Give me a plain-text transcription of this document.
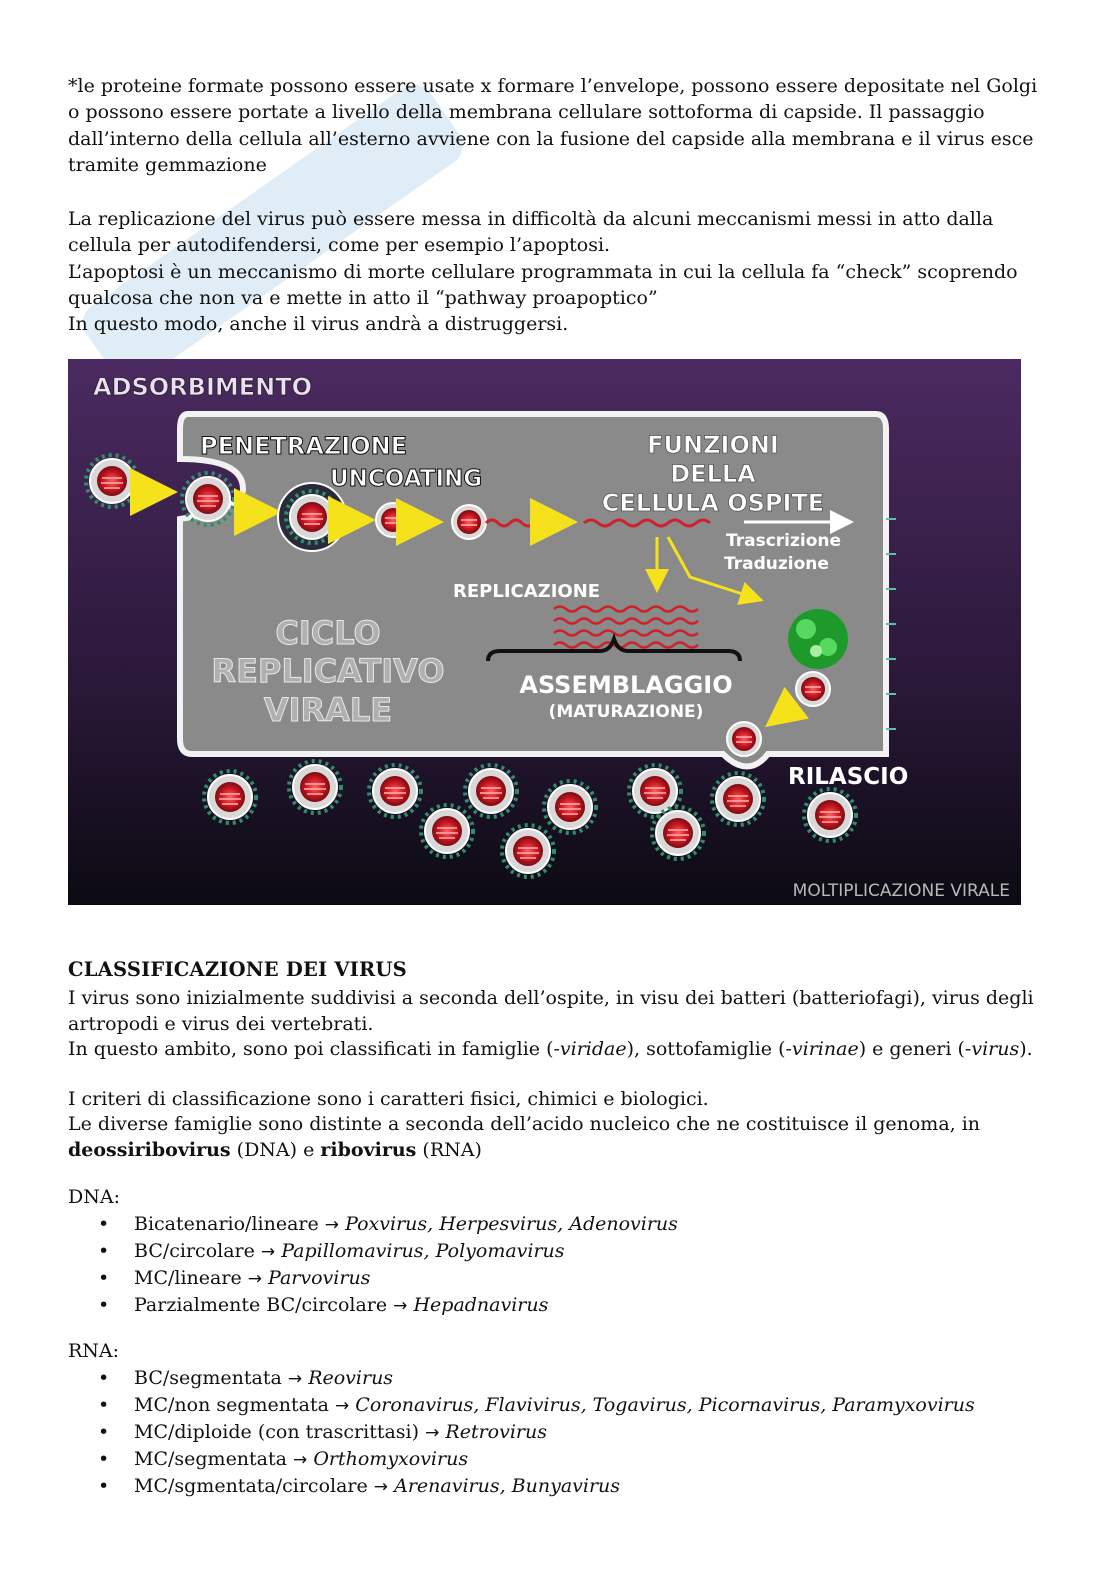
*le proteine formate possono essere usate x formare l’envelope, possono essere depositate nel Golgi o possono essere portate a livello della membrana cellulare sottoforma di capside. Il passaggio dall’interno della cellula all’esterno avviene con la fusione del capside alla membrana e il virus esce tramite gemmazione

La replicazione del virus può essere messa in difficoltà da alcuni meccanismi messi in atto dalla cellula per autodifendersi, come per esempio l’apoptosi.

L’apoptosi è un meccanismo di morte cellulare programmata in cui la cellula fa “check” scoprendo qualcosa che non va e mette in atto il “pathway proapoptico”

In questo modo, anche il virus andrà a distruggersi.

ADSORBIMENTO
PENETRAZIONE
UNCOATING
FUNZIONI
DELLA
CELLULA OSPITE
Trascrizione
Traduzione
REPLICAZIONE
CICLO
REPLICATIVO
VIRALE
ASSEMBLAGGIO
(MATURAZIONE)
RILASCIO
MOLTIPLICAZIONE VIRALE
CLASSIFICAZIONE DEI VIRUS

I virus sono inizialmente suddivisi a seconda dell’ospite, in visu dei batteri (batteriofagi), virus degli artropodi e virus dei vertebrati.

In questo ambito, sono poi classificati in famiglie (-viridae), sottofamiglie (-virinae) e generi (-virus).

I criteri di classificazione sono i caratteri fisici, chimici e biologici.

Le diverse famiglie sono distinte a seconda dell’acido nucleico che ne costituisce il genoma, in deossiribovirus (DNA) e ribovirus (RNA)

DNA:
• Bicatenario/lineare → Poxvirus, Herpesvirus, Adenovirus
• BC/circolare → Papillomavirus, Polyomavirus
• MC/lineare → Parvovirus
• Parzialmente BC/circolare → Hepadnavirus
RNA:
• BC/segmentata → Reovirus
• MC/non segmentata → Coronavirus, Flavivirus, Togavirus, Picornavirus, Paramyxovirus
• MC/diploide (con trascrittasi) → Retrovirus
• MC/segmentata → Orthomyxovirus
• MC/sgmentata/circolare → Arenavirus, Bunyavirus
